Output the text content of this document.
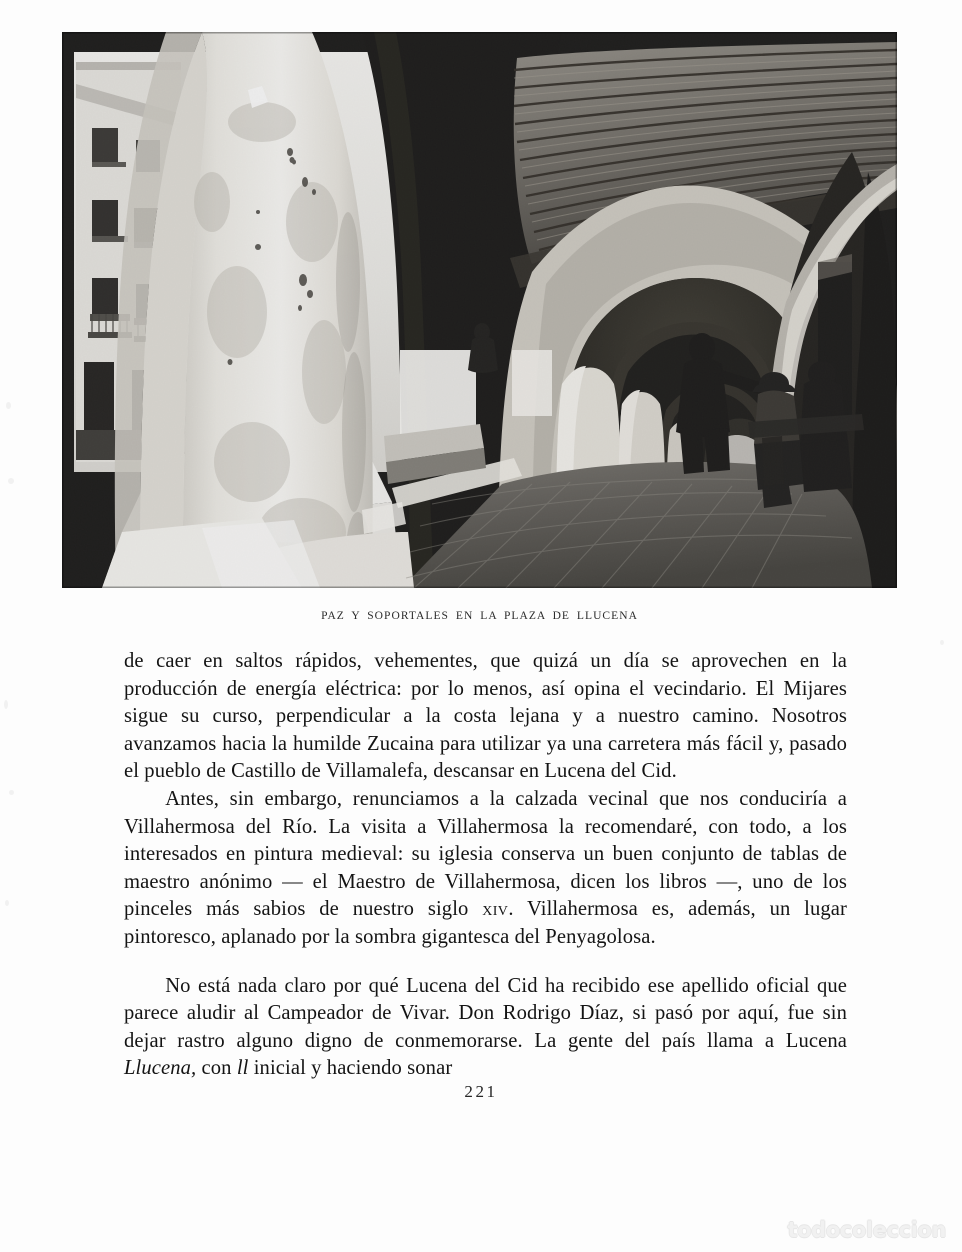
PAZ Y SOPORTALES EN LA PLAZA DE LLUCENA

de caer en saltos rápidos, vehementes, que quizá un día se aprovechen en la producción de energía eléctrica: por lo menos, así opina el vecindario. El Mijares sigue su curso, perpendicular a la costa lejana y a nuestro camino. Nosotros avanzamos hacia la humilde Zucaina para utilizar ya una carretera más fácil y, pasado el pueblo de Castillo de Villamalefa, descansar en Lucena del Cid.

Antes, sin embargo, renunciamos a la calzada vecinal que nos conduciría a Villahermosa del Río. La visita a Villahermosa la recomendaré, con todo, a los interesados en pintura medieval: su iglesia conserva un buen conjunto de tablas de maestro anónimo — el Maestro de Villahermosa, dicen los libros —, uno de los pinceles más sabios de nuestro siglo xiv. Villahermosa es, además, un lugar pintoresco, aplanado por la sombra gigantesca del Penyagolosa.

No está nada claro por qué Lucena del Cid ha recibido ese apellido oficial que parece aludir al Campeador de Vivar. Don Rodrigo Díaz, si pasó por aquí, fue sin dejar rastro alguno digno de conmemorarse. La gente del país llama a Lucena Llucena, con ll inicial y haciendo sonar

221
todocoleccion
